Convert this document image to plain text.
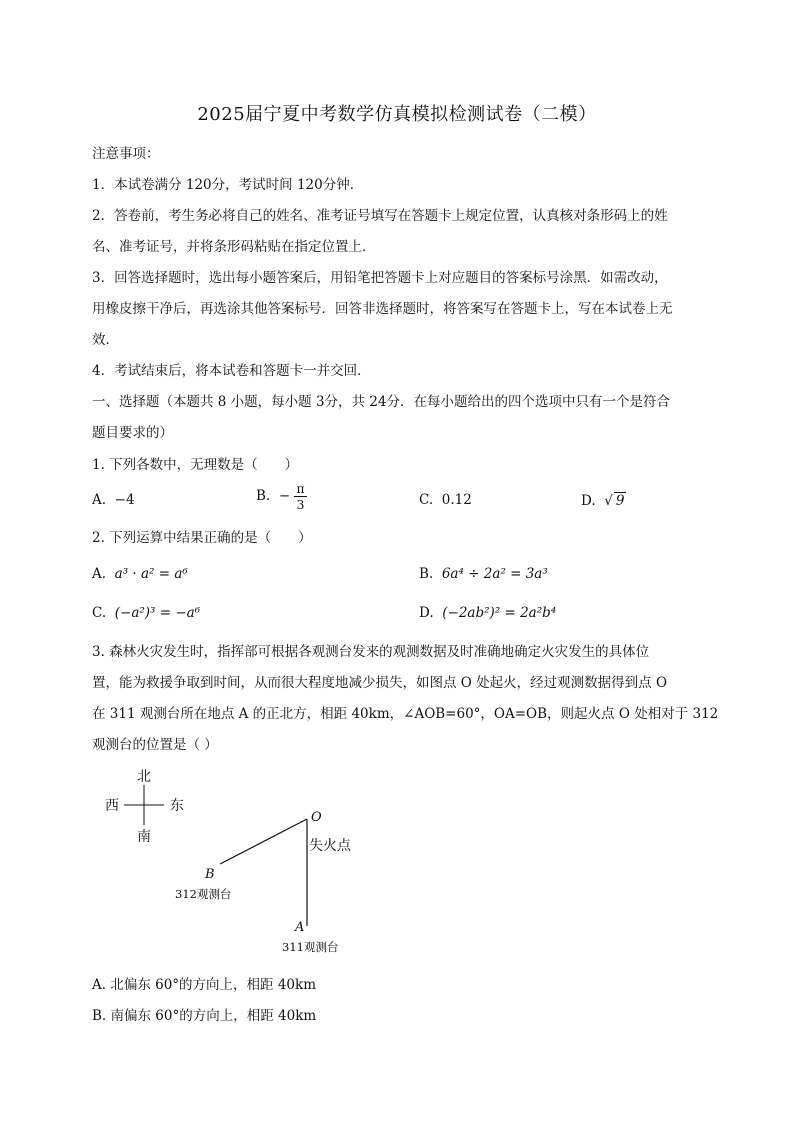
2025届宁夏中考数学仿真模拟检测试卷（二模）
注意事项：
1．本试卷满分 120分，考试时间 120分钟．
2．答卷前，考生务必将自己的姓名、准考证号填写在答题卡上规定位置，认真核对条形码上的姓
名、准考证号，并将条形码粘贴在指定位置上．
3．回答选择题时，选出每小题答案后，用铅笔把答题卡上对应题目的答案标号涂黑．如需改动，
用橡皮擦干净后，再选涂其他答案标号．回答非选择题时，将答案写在答题卡上，写在本试卷上无
效．
4．考试结束后，将本试卷和答题卡一并交回．
一、选择题（本题共 8 小题，每小题 3分，共 24分．在每小题给出的四个选项中只有一个是符合
题目要求的）
1. 下列各数中，无理数是（　　）
A. −4	B. − $\frac{\pi}{3}$	C. 0.12	D. √ 9
2. 下列运算中结果正确的是（　　）
A. a³ · a² = a⁶	B. 6a⁴ ÷ 2a² = 3a³
C. (−a²)³ = −a⁶	D. (−2ab²)² = 2a²b⁴
3. 森林火灾发生时，指挥部可根据各观测台发来的观测数据及时准确地确定火灾发生的具体位
置，能为救援争取到时间，从而很大程度地减少损失，如图点 O 处起火，经过观测数据得到点 O
在 311 观测台所在地点 A 的正北方，相距 40km，∠AOB=60°，OA=OB，则起火点 O 处相对于 312
观测台的位置是（ ）
北
南
西	东
O
失火点
B
312观测台
A
311观测台
A. 北偏东 60°的方向上，相距 40km
B. 南偏东 60°的方向上，相距 40km
